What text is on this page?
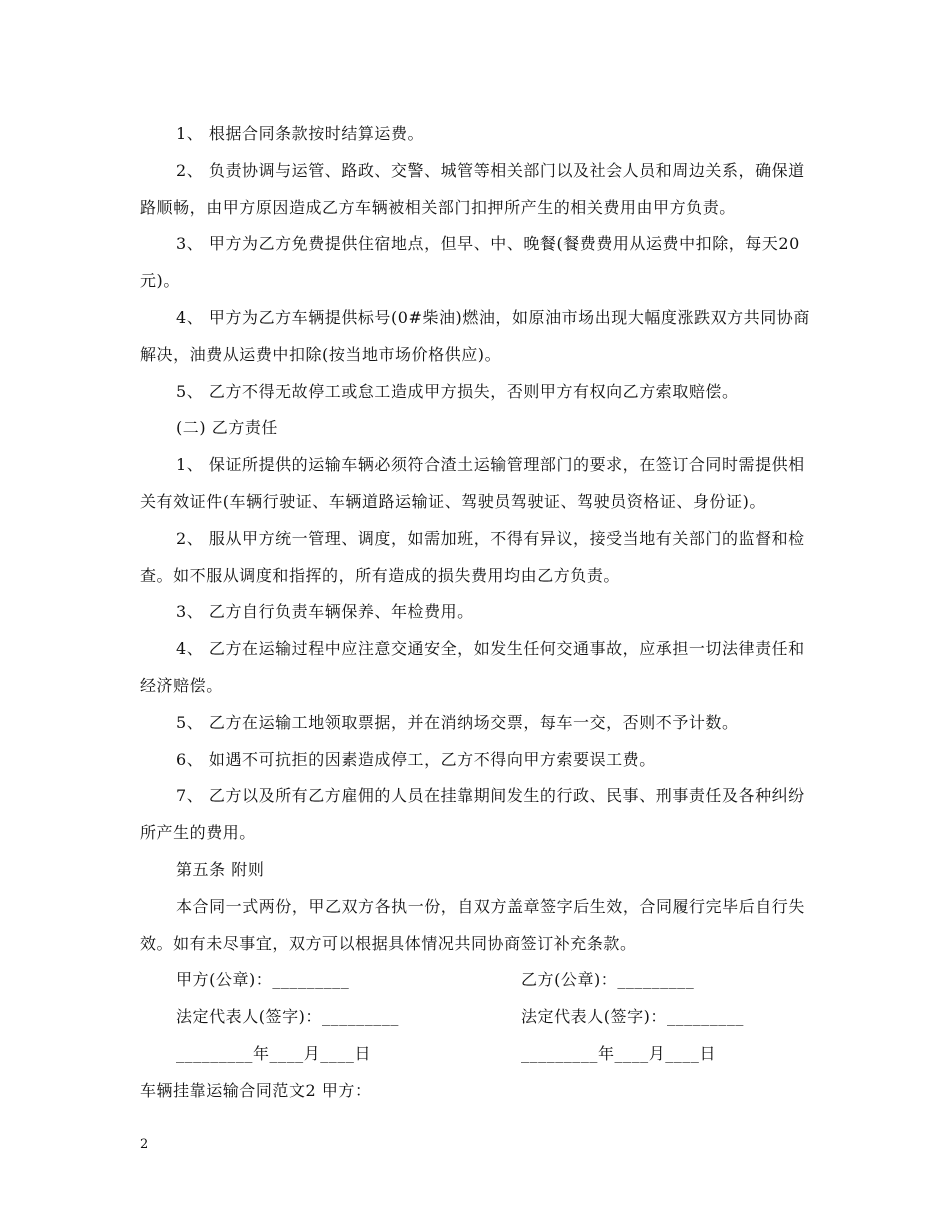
1、 根据合同条款按时结算运费。

2、 负责协调与运管、路政、交警、城管等相关部门以及社会人员和周边关系，确保道路顺畅，由甲方原因造成乙方车辆被相关部门扣押所产生的相关费用由甲方负责。

3、 甲方为乙方免费提供住宿地点，但早、中、晚餐(餐费费用从运费中扣除，每天20元)。

4、 甲方为乙方车辆提供标号(0#柴油)燃油，如原油市场出现大幅度涨跌双方共同协商解决，油费从运费中扣除(按当地市场价格供应)。

5、 乙方不得无故停工或怠工造成甲方损失，否则甲方有权向乙方索取赔偿。

(二) 乙方责任

1、 保证所提供的运输车辆必须符合渣土运输管理部门的要求，在签订合同时需提供相关有效证件(车辆行驶证、车辆道路运输证、驾驶员驾驶证、驾驶员资格证、身份证)。

2、 服从甲方统一管理、调度，如需加班，不得有异议，接受当地有关部门的监督和检查。如不服从调度和指挥的，所有造成的损失费用均由乙方负责。

3、 乙方自行负责车辆保养、年检费用。

4、 乙方在运输过程中应注意交通安全，如发生任何交通事故，应承担一切法律责任和经济赔偿。

5、 乙方在运输工地领取票据，并在消纳场交票，每车一交，否则不予计数。

6、 如遇不可抗拒的因素造成停工，乙方不得向甲方索要误工费。

7、 乙方以及所有乙方雇佣的人员在挂靠期间发生的行政、民事、刑事责任及各种纠纷所产生的费用。

第五条 附则

本合同一式两份，甲乙双方各执一份，自双方盖章签字后生效，合同履行完毕后自行失效。如有未尽事宜，双方可以根据具体情况共同协商签订补充条款。

甲方(公章)：_________	乙方(公章)：_________
法定代表人(签字)：_________	法定代表人(签字)：_________
_________年____月____日	_________年____月____日

车辆挂靠运输合同范文2 甲方：

2
